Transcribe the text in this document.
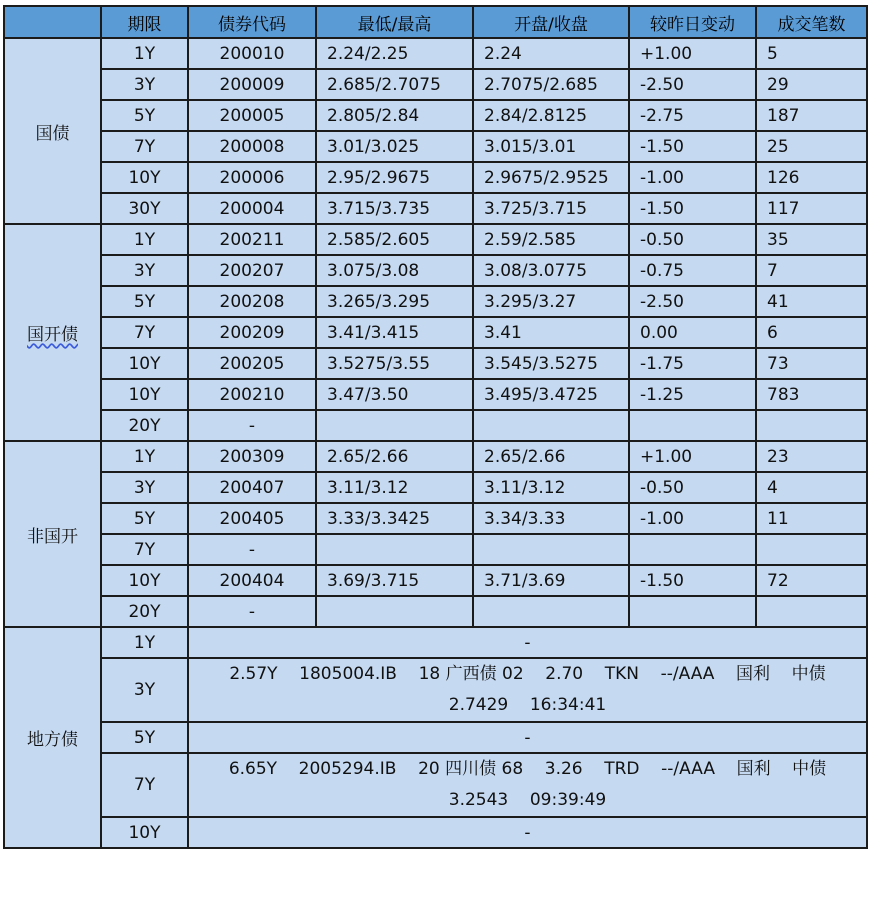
	期限	债券代码	最低/最高	开盘/收盘	较昨日变动	成交笔数
国债	1Y	200010	2.24/2.25	2.24	+1.00	5
	3Y	200009	2.685/2.7075	2.7075/2.685	-2.50	29
	5Y	200005	2.805/2.84	2.84/2.8125	-2.75	187
	7Y	200008	3.01/3.025	3.015/3.01	-1.50	25
	10Y	200006	2.95/2.9675	2.9675/2.9525	-1.00	126
	30Y	200004	3.715/3.735	3.725/3.715	-1.50	117
国开债	1Y	200211	2.585/2.605	2.59/2.585	-0.50	35
	3Y	200207	3.075/3.08	3.08/3.0775	-0.75	7
	5Y	200208	3.265/3.295	3.295/3.27	-2.50	41
	7Y	200209	3.41/3.415	3.41	0.00	6
	10Y	200205	3.5275/3.55	3.545/3.5275	-1.75	73
	10Y	200210	3.47/3.50	3.495/3.4725	-1.25	783
	20Y	-				
非国开	1Y	200309	2.65/2.66	2.65/2.66	+1.00	23
	3Y	200407	3.11/3.12	3.11/3.12	-0.50	4
	5Y	200405	3.33/3.3425	3.34/3.33	-1.00	11
	7Y	-				
	10Y	200404	3.69/3.715	3.71/3.69	-1.50	72
	20Y	-				
地方债	1Y	-				
	3Y	2.57Y    1805004.IB    18 广西债 02    2.70    TKN    --/AAA    国利    中债 2.7429    16:34:41				
	5Y	-				
	7Y	6.65Y    2005294.IB    20 四川债 68    3.26    TRD    --/AAA    国利    中债 3.2543    09:39:49				
	10Y	-				
